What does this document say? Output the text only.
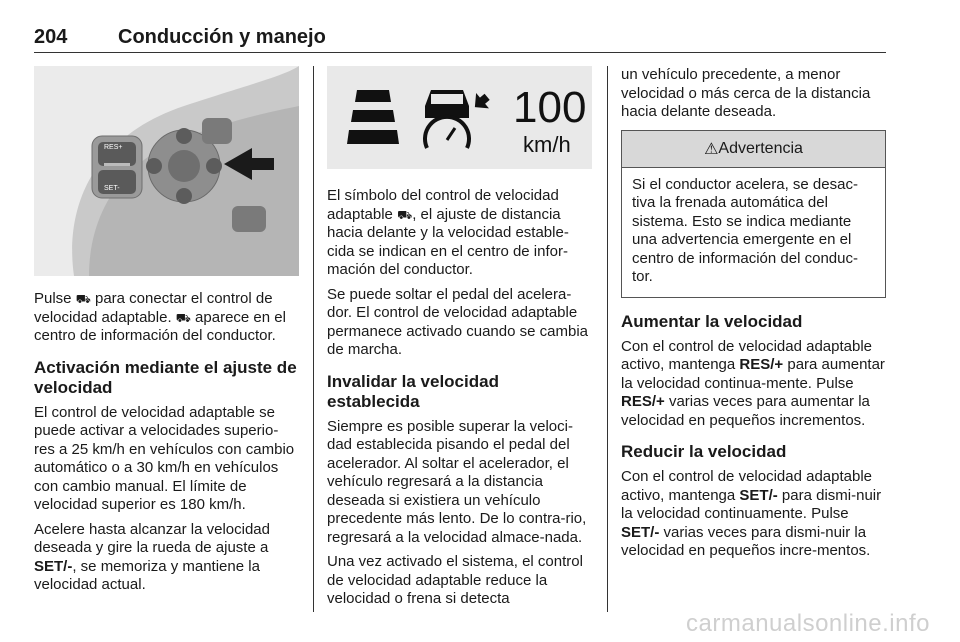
204	Conducción y manejo
RES+
SET-

Pulse ⛟ para conectar el control de velocidad adaptable. ⛟ aparece en el centro de información del conductor.

Activación mediante el ajuste de velocidad

El control de velocidad adaptable se puede activar a velocidades superio-res a 25 km/h en vehículos con cambio automático o a 30 km/h en vehículos con cambio manual. El límite de velocidad superior es 180 km/h.

Acelere hasta alcanzar la velocidad deseada y gire la rueda de ajuste a SET/-, se memoriza y mantiene la velocidad actual.

100
km/h

El símbolo del control de velocidad adaptable ⛟, el ajuste de distancia hacia delante y la velocidad estable-cida se indican en el centro de infor-mación del conductor.

Se puede soltar el pedal del acelera-dor. El control de velocidad adaptable permanece activado cuando se cambia de marcha.

Invalidar la velocidad establecida

Siempre es posible superar la veloci-dad establecida pisando el pedal del acelerador. Al soltar el acelerador, el vehículo regresará a la distancia deseada si existiera un vehículo precedente más lento. De lo contra-rio, regresará a la velocidad almace-nada.

Una vez activado el sistema, el control de velocidad adaptable reduce la velocidad o frena si detecta

un vehículo precedente, a menor velocidad o más cerca de la distancia hacia delante deseada.

⚠ Advertencia

Si el conductor acelera, se desac-tiva la frenada automática del sistema. Esto se indica mediante una advertencia emergente en el centro de información del conduc-tor.

Aumentar la velocidad

Con el control de velocidad adaptable activo, mantenga RES/+ para aumentar la velocidad continua-mente. Pulse RES/+ varias veces para aumentar la velocidad en pequeños incrementos.

Reducir la velocidad

Con el control de velocidad adaptable activo, mantenga SET/- para dismi-nuir la velocidad continuamente. Pulse SET/- varias veces para dismi-nuir la velocidad en pequeños incre-mentos.

carmanualsonline.info
